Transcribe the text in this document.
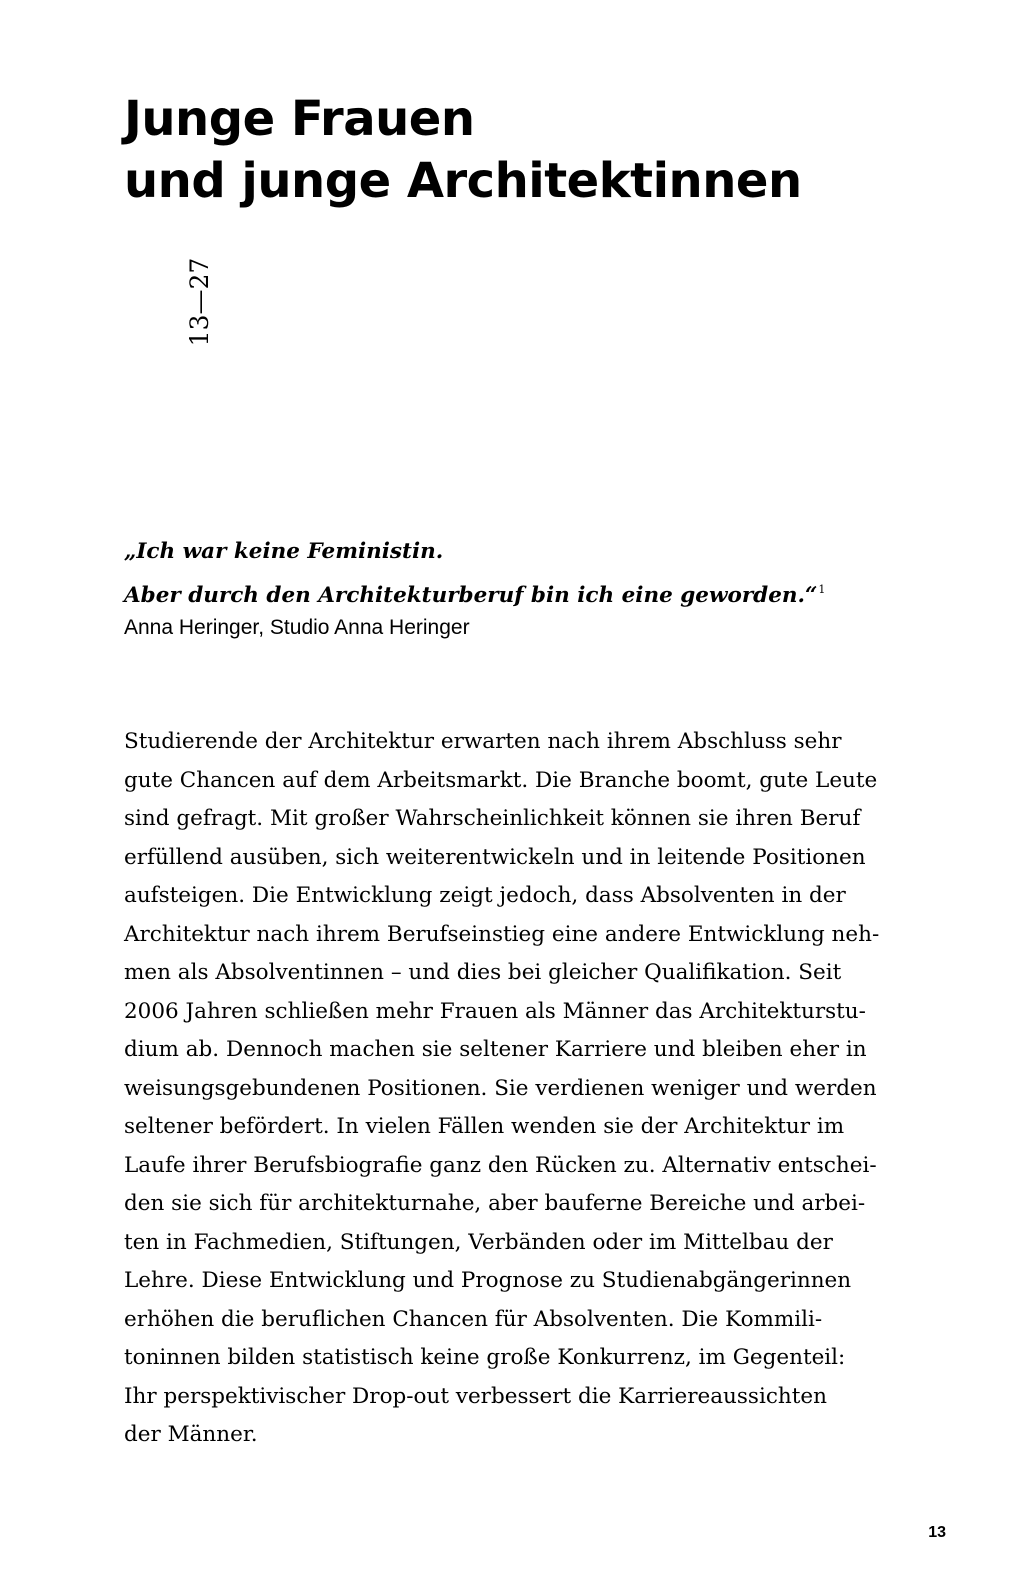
Junge Frauen
und junge Architektinnen
13—27
„Ich war keine Feministin.
Aber durch den Architekturberuf bin ich eine geworden.“$^1$
Anna Heringer, Studio Anna Heringer
Studierende der Architektur erwarten nach ihrem Abschluss sehr
gute Chancen auf dem Arbeitsmarkt. Die Branche boomt, gute Leute
sind gefragt. Mit großer Wahrscheinlichkeit können sie ihren Beruf
erfüllend ausüben, sich weiterentwickeln und in leitende Positionen
aufsteigen. Die Entwicklung zeigt jedoch, dass Absolventen in der
Architektur nach ihrem Berufseinstieg eine andere Entwicklung neh-
men als Absolventinnen – und dies bei gleicher Qualifikation. Seit
2006 Jahren schließen mehr Frauen als Männer das Architekturstu-
dium ab. Dennoch machen sie seltener Karriere und bleiben eher in
weisungsgebundenen Positionen. Sie verdienen weniger und werden
seltener befördert. In vielen Fällen wenden sie der Architektur im
Laufe ihrer Berufsbiografie ganz den Rücken zu. Alternativ entschei-
den sie sich für architekturnahe, aber bauferne Bereiche und arbei-
ten in Fachmedien, Stiftungen, Verbänden oder im Mittelbau der
Lehre. Diese Entwicklung und Prognose zu Studienabgängerinnen
erhöhen die beruflichen Chancen für Absolventen. Die Kommili-
toninnen bilden statistisch keine große Konkurrenz, im Gegenteil:
Ihr perspektivischer Drop-out verbessert die Karriereaussichten
der Männer.
13
